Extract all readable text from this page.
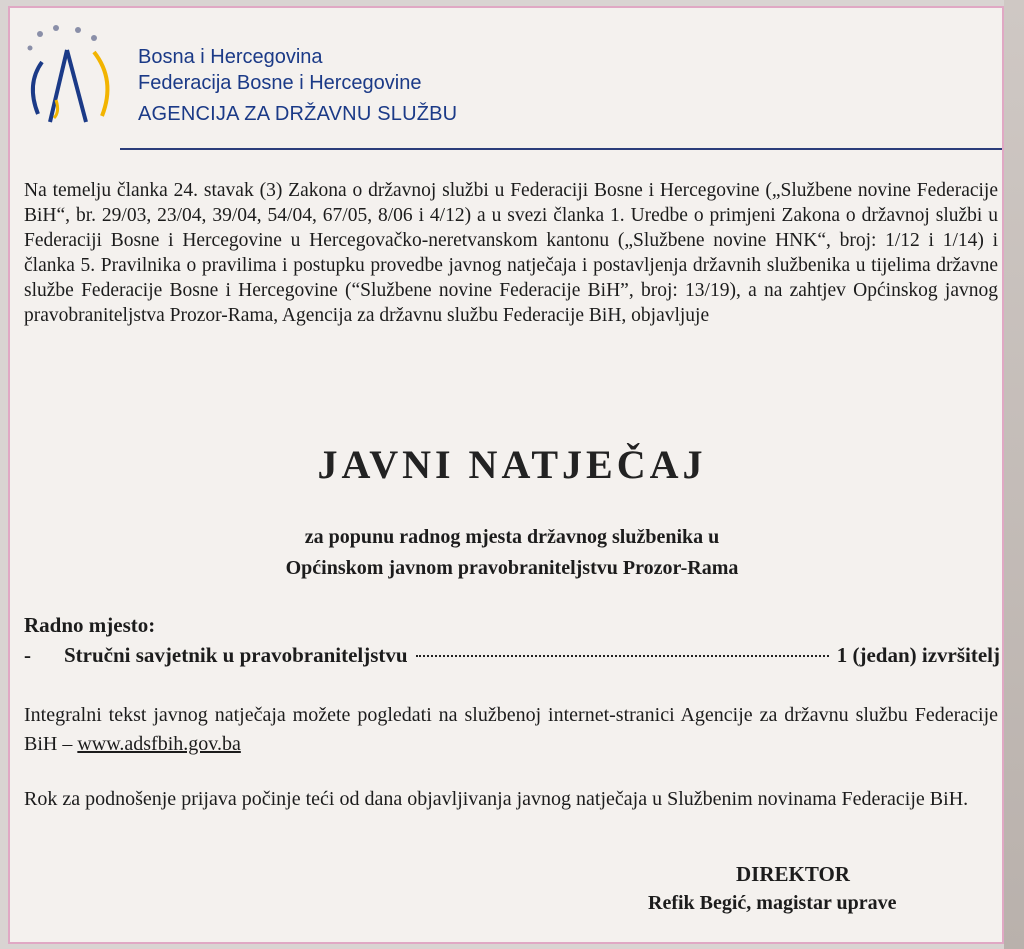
Bosna i Hercegovina
Federacija Bosne i Hercegovine
AGENCIJA ZA DRŽAVNU SLUŽBU
Na temelju članka 24. stavak (3) Zakona o državnoj službi u Federaciji Bosne i Hercegovine („Službene novine Federacije BiH“, br. 29/03, 23/04, 39/04, 54/04, 67/05, 8/06 i 4/12) a u svezi članka 1. Uredbe o primjeni Zakona o državnoj službi u Federaciji Bosne i Hercegovine u Hercegovačko-neretvanskom kantonu („Službene novine HNK“, broj: 1/12 i 1/14) i članka 5. Pravilnika o pravilima i postupku provedbe javnog natječaja i postavljenja državnih službenika u tijelima državne službe Federacije Bosne i Hercegovine (“Službene novine Federacije BiH”, broj: 13/19), a na zahtjev Općinskog javnog pravobraniteljstva Prozor-Rama, Agencija za državnu službu Federacije BiH, objavljuje
JAVNI NATJEČAJ
za popunu radnog mjesta državnog službenika u
Općinskom javnom pravobraniteljstvu Prozor-Rama
Radno mjesto:
-	Stručni savjetnik u pravobraniteljstvu	1 (jedan) izvršitelj
Integralni tekst javnog natječaja možete pogledati na službenoj internet-stranici Agencije za državnu službu Federacije BiH – www.adsfbih.gov.ba
Rok za podnošenje prijava počinje teći od dana objavljivanja javnog natječaja u Službenim novinama Federacije BiH.
DIREKTOR
Refik Begić, magistar uprave
